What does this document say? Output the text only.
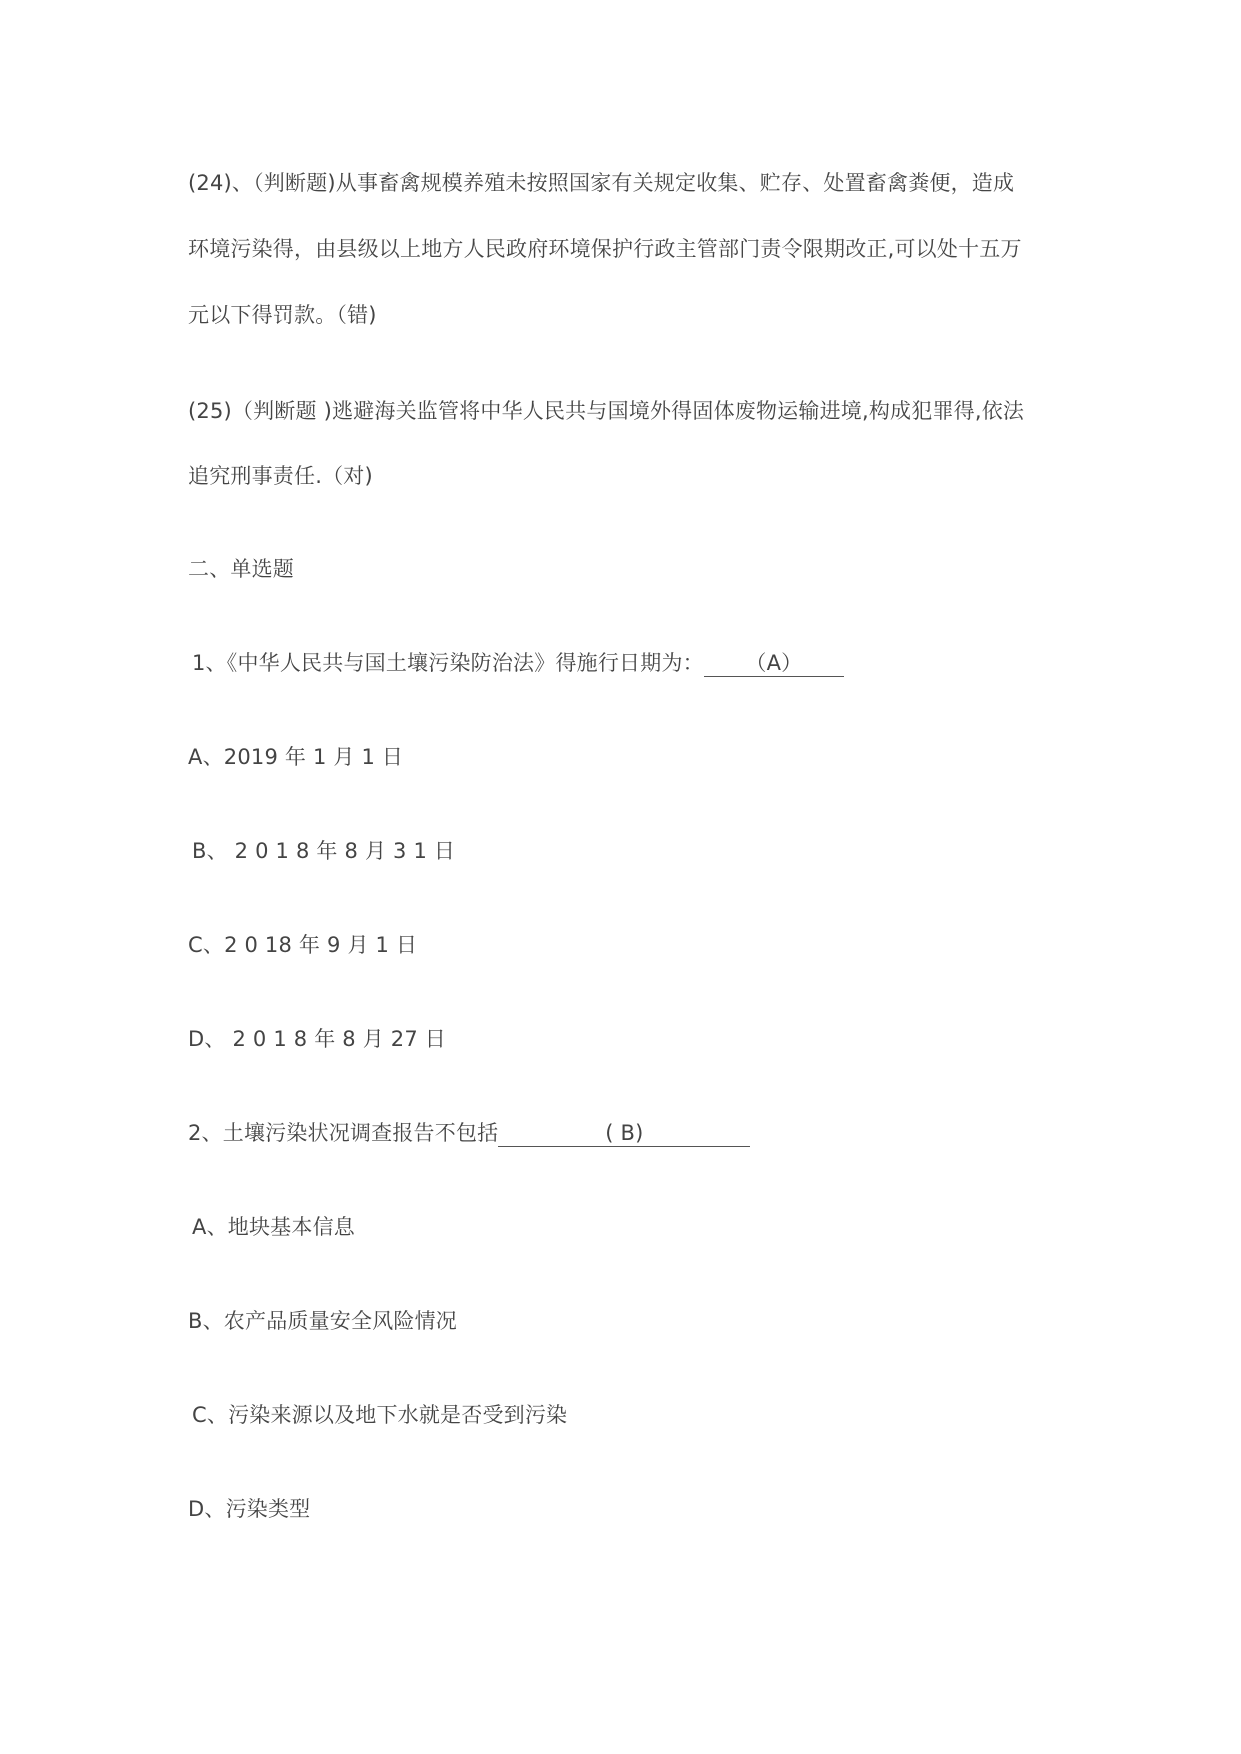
(24)、（判断题)从事畜禽规模养殖未按照国家有关规定收集、贮存、处置畜禽粪便，造成
环境污染得，由县级以上地方人民政府环境保护行政主管部门责令限期改正,可以处十五万
元以下得罚款。（错)
(25)（判断题 )逃避海关监管将中华人民共与国境外得固体废物运输进境,构成犯罪得,依法
追究刑事责任.（对)
二、单选题
1、《中华人民共与国土壤污染防治法》得施行日期为： （A）
A、2019 年 1 月 1 日
B、 2 0 1 8 年 8 月 3 1 日
C、2 0 18 年 9 月 1 日
D、 2 0 1 8 年 8 月 27 日
2、土壤污染状况调查报告不包括	( B)
A、地块基本信息
B、农产品质量安全风险情况
C、污染来源以及地下水就是否受到污染
D、污染类型
